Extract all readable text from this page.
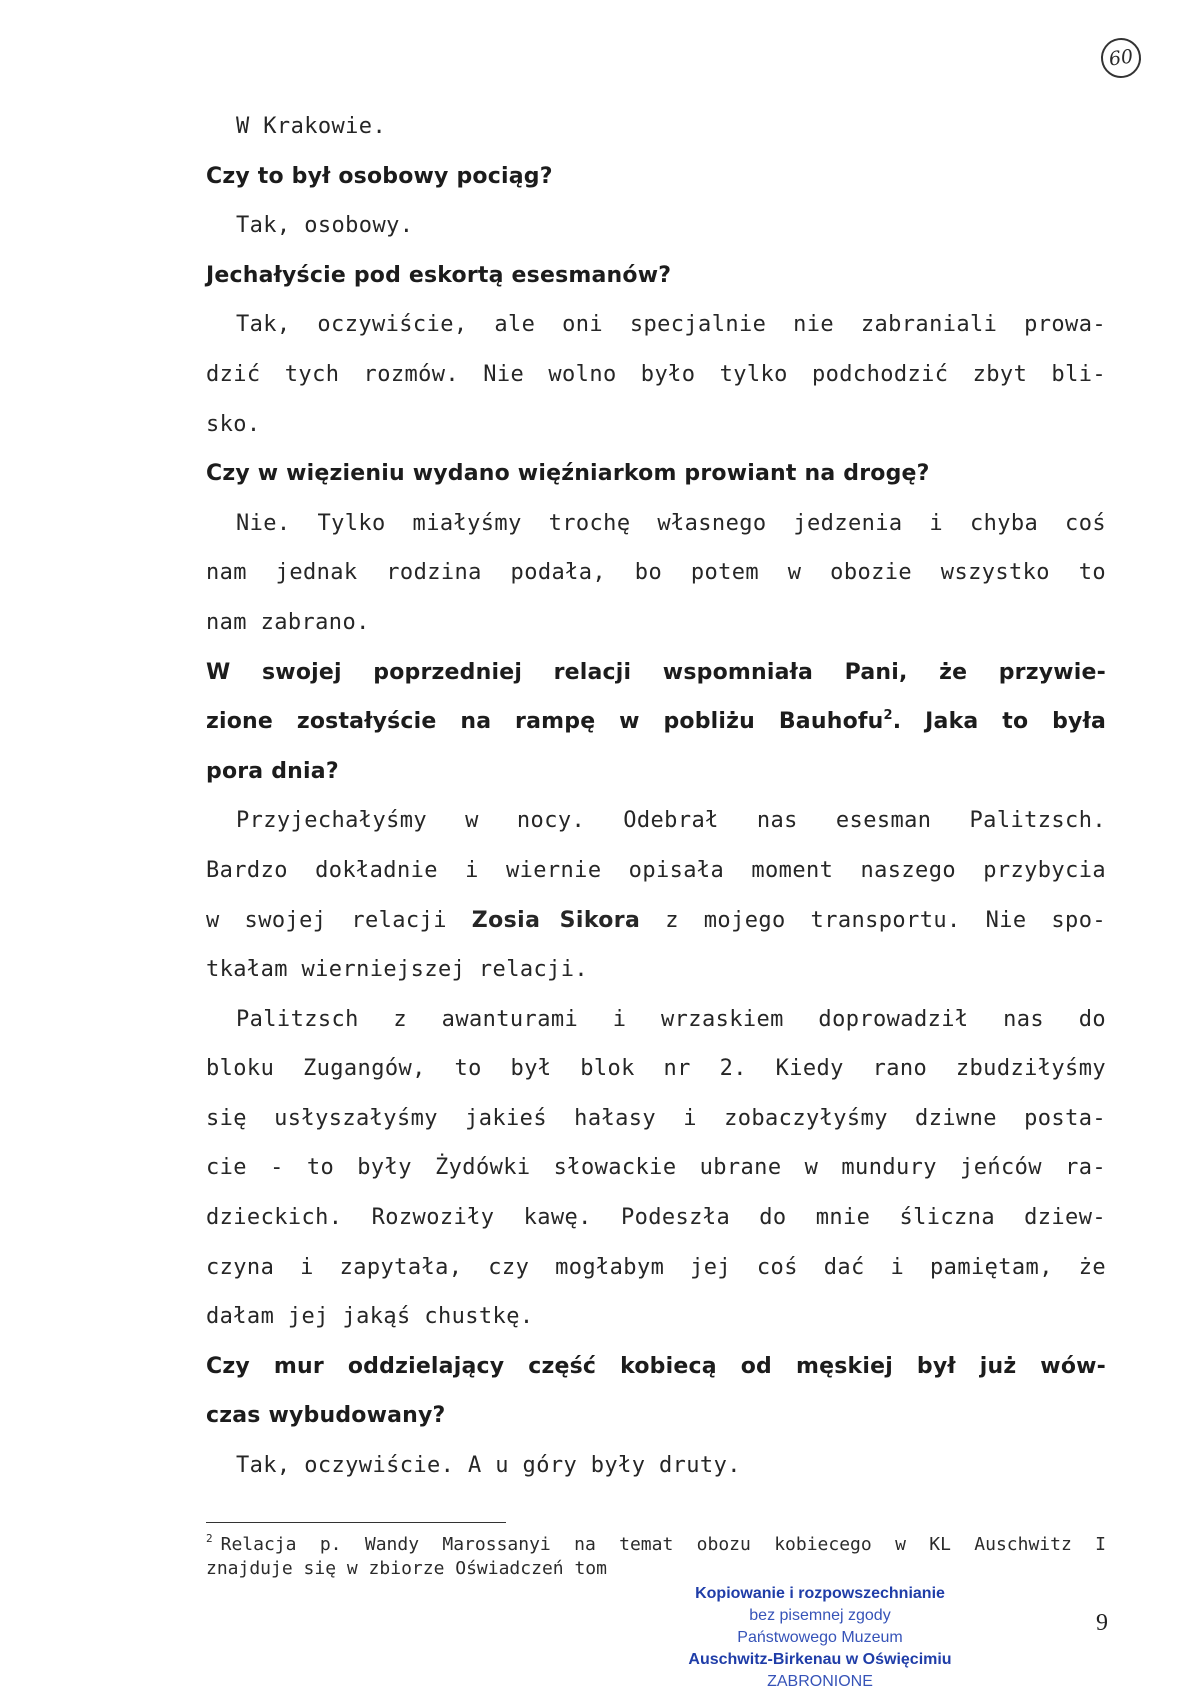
60
W Krakowie.
Czy to był osobowy pociąg?
Tak, osobowy.
Jechałyście pod eskortą esesmanów?
Tak, oczywiście, ale oni specjalnie nie zabraniali prowa-
dzić tych rozmów. Nie wolno było tylko podchodzić zbyt bli-
sko.
Czy w więzieniu wydano więźniarkom prowiant na drogę?
Nie. Tylko miałyśmy trochę własnego jedzenia i chyba coś
nam jednak rodzina podała, bo potem w obozie wszystko to
nam zabrano.
W swojej poprzedniej relacji wspomniała Pani, że przywie-
zione zostałyście na rampę w pobliżu Bauhofu$^2$. Jaka to była
pora dnia?
Przyjechałyśmy w nocy. Odebrał nas esesman Palitzsch.
Bardzo dokładnie i wiernie opisała moment naszego przybycia
w swojej relacji Zosia Sikora z mojego transportu. Nie spo-
tkałam wierniejszej relacji.
Palitzsch z awanturami i wrzaskiem doprowadził nas do
bloku Zugangów, to był blok nr 2. Kiedy rano zbudziłyśmy
się usłyszałyśmy jakieś hałasy i zobaczyłyśmy dziwne posta-
cie - to były Żydówki słowackie ubrane w mundury jeńców ra-
dzieckich. Rozwoziły kawę. Podeszła do mnie śliczna dziew-
czyna i zapytała, czy mogłabym jej coś dać i pamiętam, że
dałam jej jakąś chustkę.
Czy mur oddzielający część kobiecą od męskiej był już wów-
czas wybudowany?
Tak, oczywiście. A u góry były druty.
$^2$ Relacja p. Wandy Marossanyi na temat obozu kobiecego w KL Auschwitz I
znajduje się w zbiorze Oświadczeń tom
Kopiowanie i rozpowszechnianie
bez pisemnej zgody
Państwowego Muzeum
Auschwitz-Birkenau w Oświęcimiu
ZABRONIONE
9
